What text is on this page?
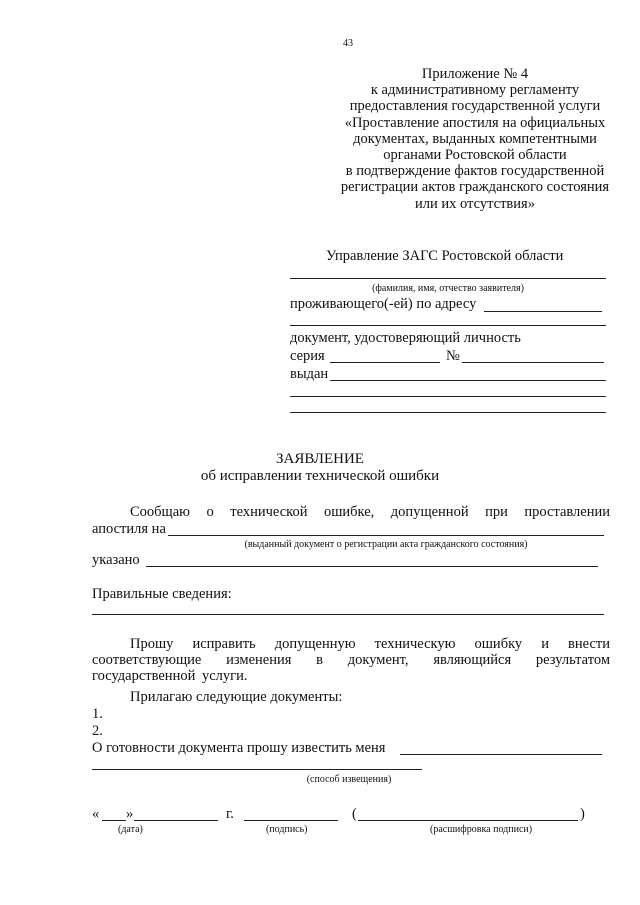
43
Приложение № 4
к административному регламенту
предоставления государственной услуги
«Проставление апостиля на официальных
документах, выданных компетентными
органами Ростовской области
в подтверждение фактов государственной
регистрации актов гражданского состояния
или их отсутствия»
Управление ЗАГС Ростовской области
(фамилия, имя, отчество заявителя)
проживающего(-ей) по адресу
документ, удостоверяющий личность
серия	№
выдан
ЗАЯВЛЕНИЕ
об исправлении технической ошибки
Сообщаю о технической ошибке, допущенной при проставлении
апостиля на
(выданный документ о регистрации акта гражданского состояния)
указано
Правильные сведения:
Прошу исправить допущенную техническую ошибку и внести соответствующие изменения в документ, являющийся результатом государственной услуги.
Прилагаю следующие документы:
1.
2.
О готовности документа прошу известить меня
(способ извещения)
« »	г.	(	)
(дата)	(подпись)	(расшифровка подписи)
